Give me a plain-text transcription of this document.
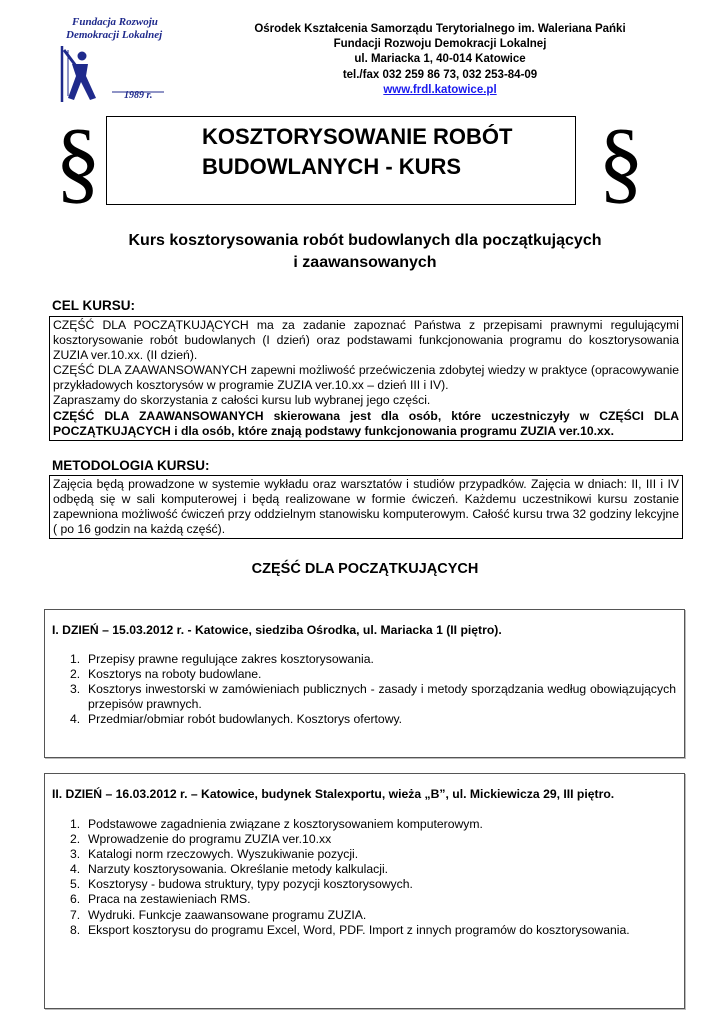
Fundacja Rozwoju
Demokracji Lokalnej
1989 r.
Ośrodek Kształcenia Samorządu Terytorialnego im. Waleriana Pańki
Fundacji Rozwoju Demokracji Lokalnej
ul. Mariacka 1, 40-014 Katowice
tel./fax 032 259 86 73, 032 253-84-09
www.frdl.katowice.pl
§	KOSZTORYSOWANIE ROBÓT
BUDOWLANYCH - KURS	§
Kurs kosztorysowania robót budowlanych dla początkujących
i zaawansowanych
CEL KURSU:

CZĘŚĆ DLA POCZĄTKUJĄCYCH ma za zadanie zapoznać Państwa z przepisami prawnymi regulującymi kosztorysowanie robót budowlanych (I dzień) oraz podstawami funkcjonowania programu do kosztorysowania ZUZIA ver.10.xx. (II dzień).

CZĘŚĆ DLA ZAAWANSOWANYCH zapewni możliwość przećwiczenia zdobytej wiedzy w praktyce (opracowywanie przykładowych kosztorysów w programie ZUZIA ver.10.xx – dzień III i IV).

Zapraszamy do skorzystania z całości kursu lub wybranej jego części.

CZĘŚĆ DLA ZAAWANSOWANYCH skierowana jest dla osób, które uczestniczyły w CZĘŚCI DLA POCZĄTKUJĄCYCH i dla osób, które znają podstawy funkcjonowania programu ZUZIA ver.10.xx.

METODOLOGIA KURSU:

Zajęcia będą prowadzone w systemie wykładu oraz warsztatów i studiów przypadków. Zajęcia w dniach: II, III i IV odbędą się w sali komputerowej i będą realizowane w formie ćwiczeń. Każdemu uczestnikowi kursu zostanie zapewniona możliwość ćwiczeń przy oddzielnym stanowisku komputerowym. Całość kursu trwa 32 godziny lekcyjne ( po 16 godzin na każdą część).

CZĘŚĆ DLA POCZĄTKUJĄCYCH
I. DZIEŃ – 15.03.2012 r. - Katowice, siedziba Ośrodka, ul. Mariacka 1 (II piętro).
1. Przepisy prawne regulujące zakres kosztorysowania.
2. Kosztorys na roboty budowlane.
3. Kosztorys inwestorski w zamówieniach publicznych - zasady i metody sporządzania według obowiązujących przepisów prawnych.
4. Przedmiar/obmiar robót budowlanych. Kosztorys ofertowy.
II. DZIEŃ – 16.03.2012 r. – Katowice, budynek Stalexportu, wieża „B”, ul. Mickiewicza 29, III piętro.
1. Podstawowe zagadnienia związane z kosztorysowaniem komputerowym.
2. Wprowadzenie do programu ZUZIA ver.10.xx
3. Katalogi norm rzeczowych. Wyszukiwanie pozycji.
4. Narzuty kosztorysowania. Określanie metody kalkulacji.
5. Kosztorysy - budowa struktury, typy pozycji kosztorysowych.
6. Praca na zestawieniach RMS.
7. Wydruki. Funkcje zaawansowane programu ZUZIA.
8. Eksport kosztorysu do programu Excel, Word, PDF. Import z innych programów do kosztorysowania.
